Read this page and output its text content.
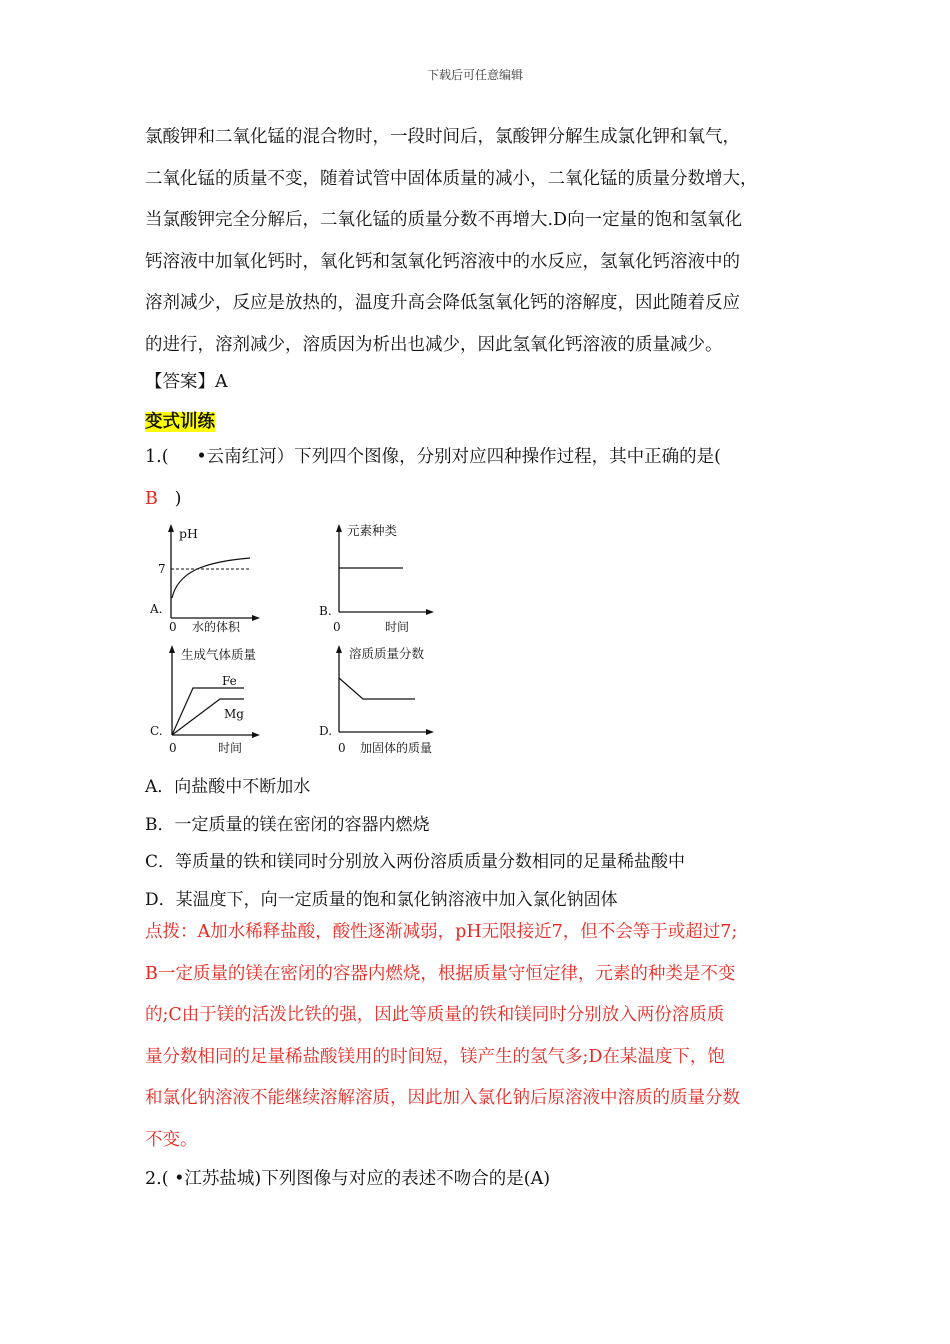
下载后可任意编辑
氯酸钾和二氧化锰的混合物时，一段时间后，氯酸钾分解生成氯化钾和氧气，
二氧化锰的质量不变，随着试管中固体质量的减小，二氧化锰的质量分数增大，
当氯酸钾完全分解后，二氧化锰的质量分数不再增大.D向一定量的饱和氢氧化
钙溶液中加氧化钙时，氧化钙和氢氧化钙溶液中的水反应，氢氧化钙溶液中的
溶剂减少，反应是放热的，温度升高会降低氢氧化钙的溶解度，因此随着反应
的进行，溶剂减少，溶质因为析出也减少，因此氢氧化钙溶液的质量减少。
【答案】A
变式训练
1.( •云南红河）下列四个图像，分别对应四种操作过程，其中正确的是(
B )
pH
7
A.
0 水的体积
元素种类
B.
0	时间
生成气体质量
Fe
Mg
C.
0	时间
溶质质量分数
D.
0 加固体的质量
A．向盐酸中不断加水
B．一定质量的镁在密闭的容器内燃烧
C．等质量的铁和镁同时分别放入两份溶质质量分数相同的足量稀盐酸中
D．某温度下，向一定质量的饱和氯化钠溶液中加入氯化钠固体
点拨：A加水稀释盐酸，酸性逐渐减弱，pH无限接近7，但不会等于或超过7;
B一定质量的镁在密闭的容器内燃烧，根据质量守恒定律，元素的种类是不变
的;C由于镁的活泼比铁的强，因此等质量的铁和镁同时分别放入两份溶质质
量分数相同的足量稀盐酸镁用的时间短，镁产生的氢气多;D在某温度下，饱
和氯化钠溶液不能继续溶解溶质，因此加入氯化钠后原溶液中溶质的质量分数
不变。
2.( •江苏盐城)下列图像与对应的表述不吻合的是(A)
